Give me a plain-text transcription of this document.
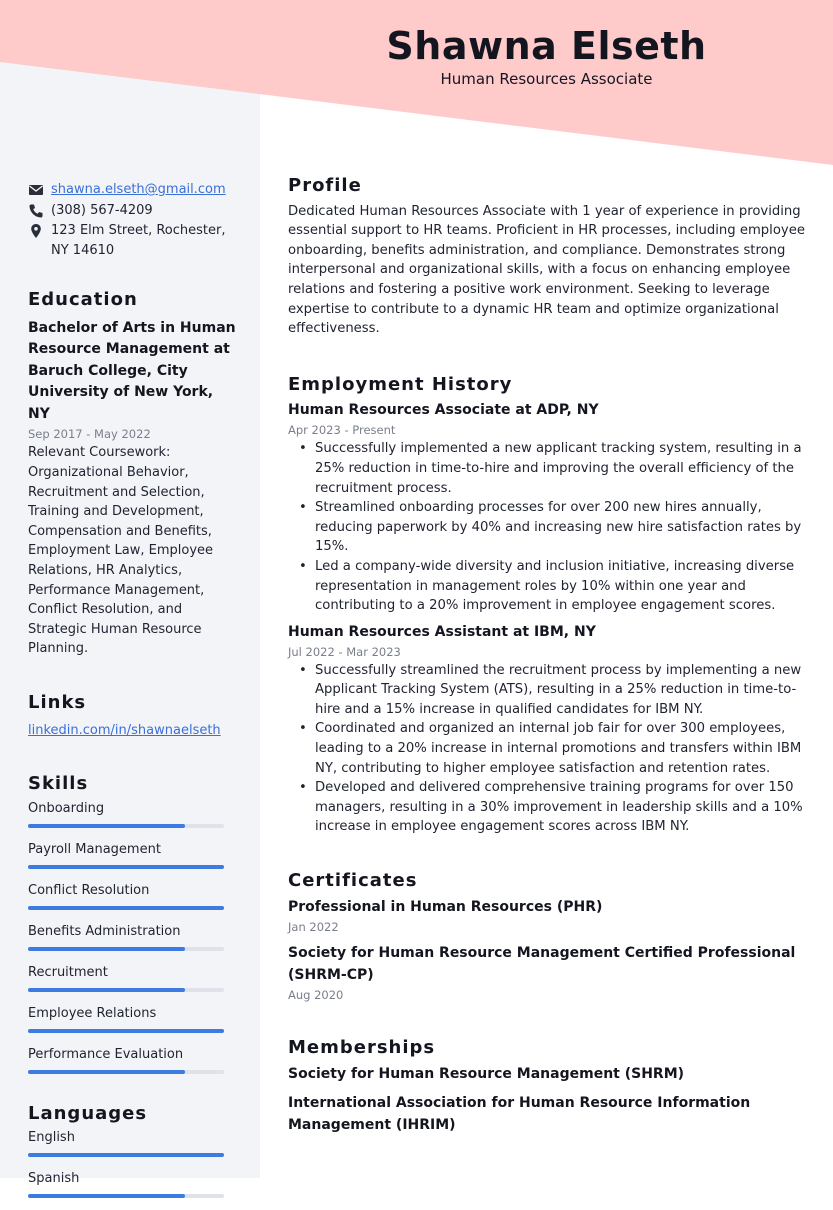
Shawna Elseth
Human Resources Associate
shawna.elseth@gmail.com
(308) 567-4209
123 Elm Street, Rochester, NY 14610
Education
Bachelor of Arts in Human Resource Management at Baruch College, City University of New York, NY
Sep 2017 - May 2022
Relevant Coursework: Organizational Behavior, Recruitment and Selection, Training and Development, Compensation and Benefits, Employment Law, Employee Relations, HR Analytics, Performance Management, Conflict Resolution, and Strategic Human Resource Planning.
Links
linkedin.com/in/shawnaelseth
Skills
Onboarding
Payroll Management
Conflict Resolution
Benefits Administration
Recruitment
Employee Relations
Performance Evaluation
Languages
English
Spanish
Profile
Dedicated Human Resources Associate with 1 year of experience in providing essential support to HR teams. Proficient in HR processes, including employee onboarding, benefits administration, and compliance. Demonstrates strong interpersonal and organizational skills, with a focus on enhancing employee relations and fostering a positive work environment. Seeking to leverage expertise to contribute to a dynamic HR team and optimize organizational effectiveness.
Employment History
Human Resources Associate at ADP, NY
Apr 2023 - Present
• Successfully implemented a new applicant tracking system, resulting in a 25% reduction in time-to-hire and improving the overall efficiency of the recruitment process.
• Streamlined onboarding processes for over 200 new hires annually, reducing paperwork by 40% and increasing new hire satisfaction rates by 15%.
• Led a company-wide diversity and inclusion initiative, increasing diverse representation in management roles by 10% within one year and contributing to a 20% improvement in employee engagement scores.
Human Resources Assistant at IBM, NY
Jul 2022 - Mar 2023
• Successfully streamlined the recruitment process by implementing a new Applicant Tracking System (ATS), resulting in a 25% reduction in time-to-hire and a 15% increase in qualified candidates for IBM NY.
• Coordinated and organized an internal job fair for over 300 employees, leading to a 20% increase in internal promotions and transfers within IBM NY, contributing to higher employee satisfaction and retention rates.
• Developed and delivered comprehensive training programs for over 150 managers, resulting in a 30% improvement in leadership skills and a 10% increase in employee engagement scores across IBM NY.
Certificates
Professional in Human Resources (PHR)
Jan 2022
Society for Human Resource Management Certified Professional (SHRM-CP)
Aug 2020
Memberships
Society for Human Resource Management (SHRM)
International Association for Human Resource Information Management (IHRIM)
